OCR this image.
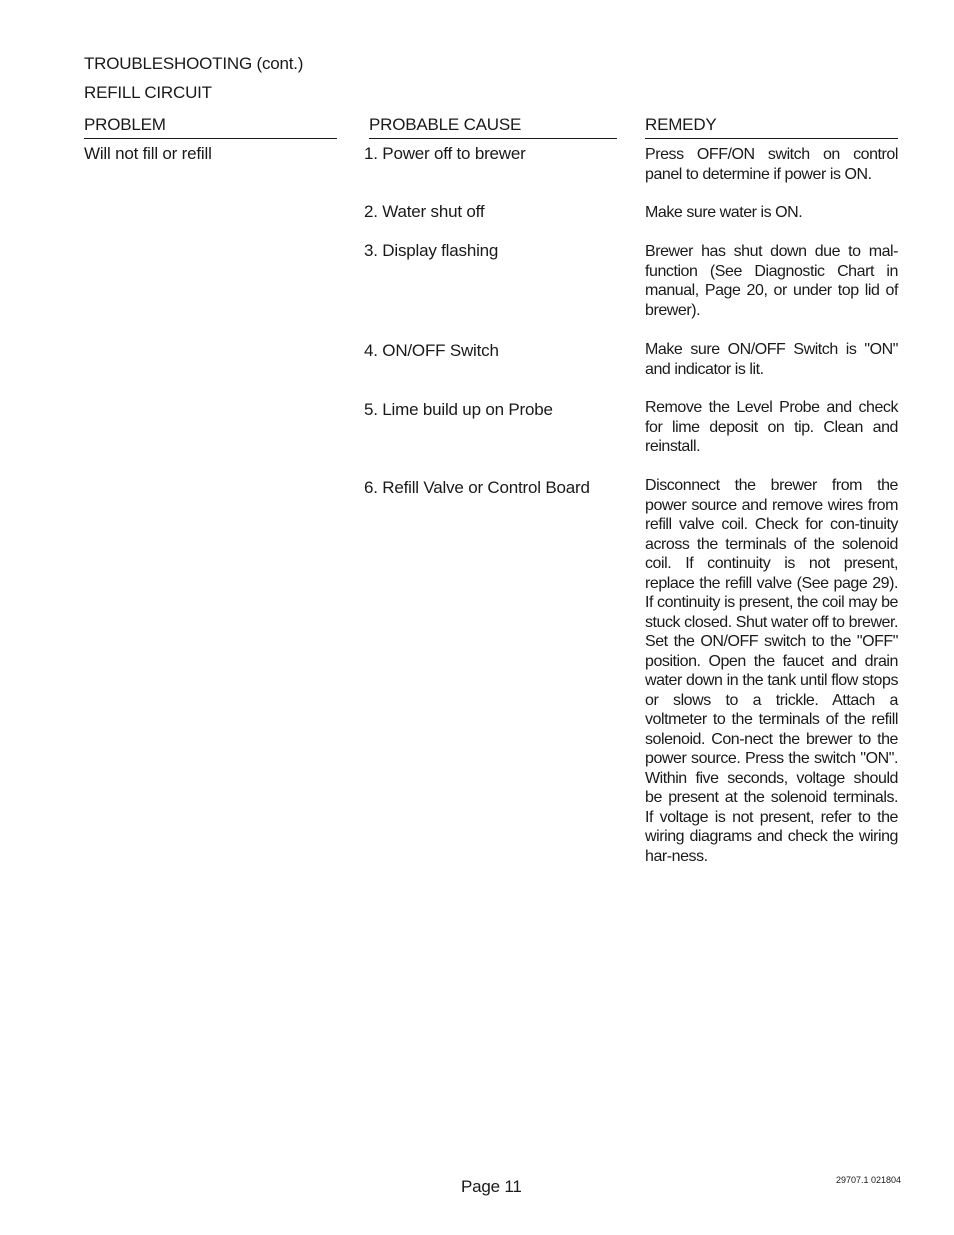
TROUBLESHOOTING (cont.)
REFILL CIRCUIT
PROBLEM	PROBABLE CAUSE	REMEDY
Will not fill or refill	1. Power off to brewer	Press OFF/ON switch on control panel to determine if power is ON.
2. Water shut off	Make sure water is ON.
3. Display flashing	Brewer has shut down due to mal-function (See Diagnostic Chart in manual, Page 20, or under top lid of brewer).
4. ON/OFF Switch	Make sure ON/OFF Switch is "ON" and indicator is lit.
5. Lime build up on Probe	Remove the Level Probe and check for lime deposit on tip. Clean and reinstall.
6. Refill Valve or Control Board	Disconnect the brewer from the power source and remove wires from refill valve coil. Check for con-tinuity across the terminals of the solenoid coil. If continuity is not present, replace the refill valve (See page 29). If continuity is present, the coil may be stuck closed. Shut water off to brewer. Set the ON/OFF switch to the "OFF" position. Open the faucet and drain water down in the tank until flow stops or slows to a trickle. Attach a voltmeter to the terminals of the refill solenoid. Con-nect the brewer to the power source. Press the switch "ON". Within five seconds, voltage should be present at the solenoid terminals. If voltage is not present, refer to the wiring diagrams and check the wiring har-ness.
Page 11	29707.1 021804
